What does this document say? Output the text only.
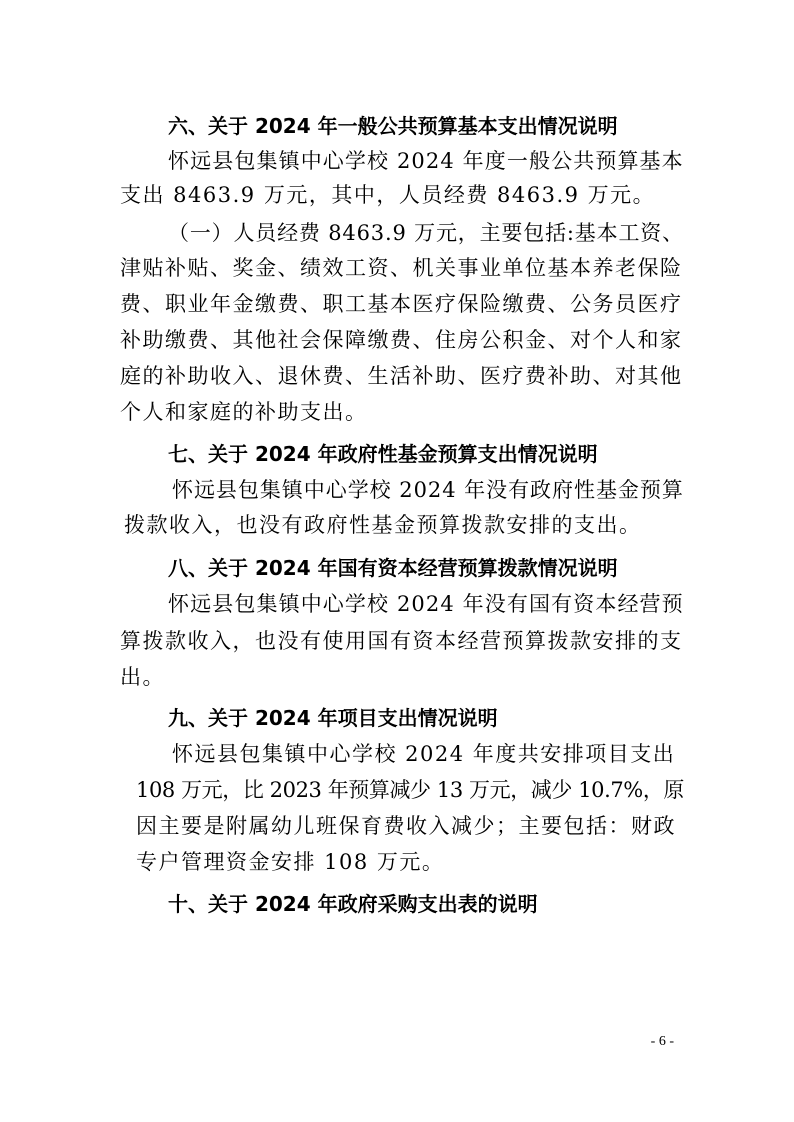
六、关于 2024 年一般公共预算基本支出情况说明
怀远县包集镇中心学校 2024 年度一般公共预算基本
支出 8463.9 万元，其中，人员经费 8463.9 万元。
（一）人员经费 8463.9 万元，主要包括:基本工资、
津贴补贴、奖金、绩效工资、机关事业单位基本养老保险
费、职业年金缴费、职工基本医疗保险缴费、公务员医疗
补助缴费、其他社会保障缴费、住房公积金、对个人和家
庭的补助收入、退休费、生活补助、医疗费补助、对其他
个人和家庭的补助支出。
七、关于 2024 年政府性基金预算支出情况说明
怀远县包集镇中心学校 2024 年没有政府性基金预算
拨款收入，也没有政府性基金预算拨款安排的支出。
八、关于 2024 年国有资本经营预算拨款情况说明
怀远县包集镇中心学校 2024 年没有国有资本经营预
算拨款收入，也没有使用国有资本经营预算拨款安排的支
出。
九、关于 2024 年项目支出情况说明
怀远县包集镇中心学校 2024 年度共安排项目支出
108 万元，比 2023 年预算减少 13 万元，减少 10.7%，原
因主要是附属幼儿班保育费收入减少；主要包括：财政
专户管理资金安排 108 万元。
十、关于 2024 年政府采购支出表的说明
- 6 -
